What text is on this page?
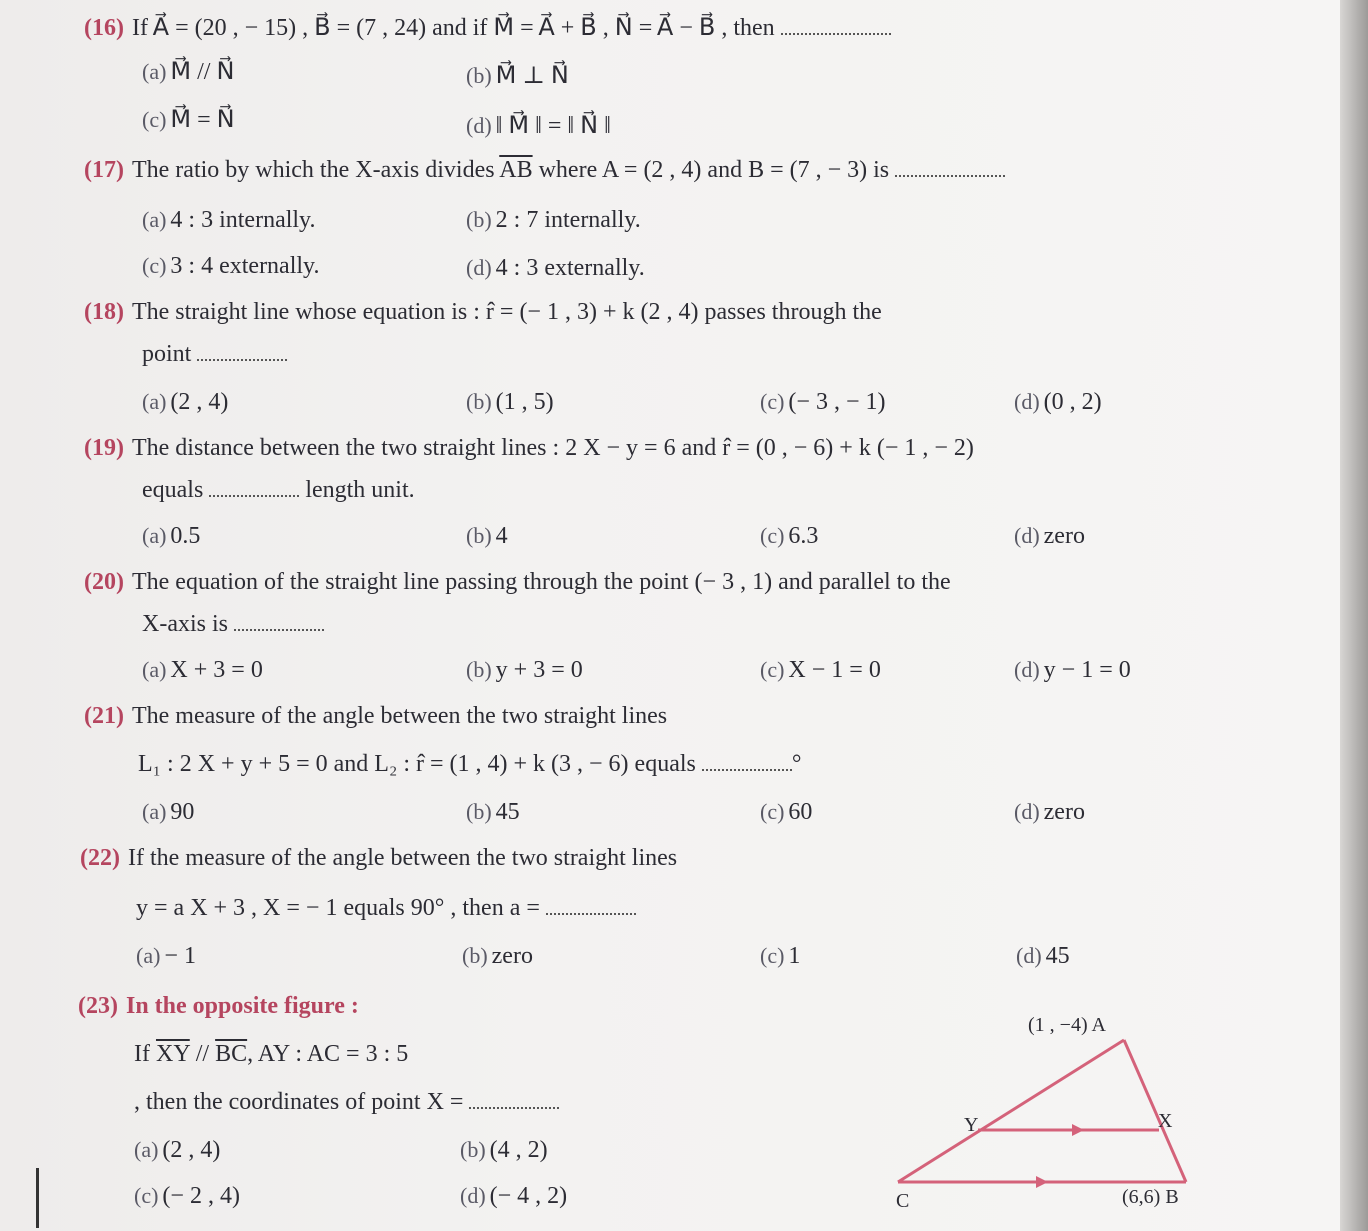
(16) If A⃗ = (20 , − 15) , B⃗ = (7 , 24) and if M⃗ = A⃗ + B⃗ , N⃗ = A⃗ − B⃗ , then
(a) M⃗ // N⃗	(b) M⃗ ⊥ N⃗
(c) M⃗ = N⃗	(d) ‖ M⃗ ‖ = ‖ N⃗ ‖
(17) The ratio by which the X-axis divides $\overline{AB}$ where A = (2 , 4) and B = (7 , − 3) is
(a) 4 : 3 internally.	(b) 2 : 7 internally.
(c) 3 : 4 externally.	(d) 4 : 3 externally.
(18) The straight line whose equation is : r̂ = (− 1 , 3) + k (2 , 4) passes through the
point
(a) (2 , 4)	(b) (1 , 5)	(c) (− 3 , − 1)	(d) (0 , 2)
(19) The distance between the two straight lines : 2 X − y = 6 and r̂ = (0 , − 6) + k (− 1 , − 2)
equals	length unit.
(a) 0.5	(b) 4	(c) 6.3	(d) zero
(20) The equation of the straight line passing through the point (− 3 , 1) and parallel to the
X-axis is
(a) X + 3 = 0	(b) y + 3 = 0	(c) X − 1 = 0	(d) y − 1 = 0
(21) The measure of the angle between the two straight lines
L₁ : 2 X + y + 5 = 0 and L₂ : r̂ = (1 , 4) + k (3 , − 6) equals	°
(a) 90	(b) 45	(c) 60	(d) zero
(22) If the measure of the angle between the two straight lines
y = a X + 3 , X = − 1 equals 90° , then a =
(a) − 1	(b) zero	(c) 1	(d) 45
(23) In the opposite figure :
If $\overline{XY} // \overline{BC}$, AY : AC = 3 : 5
, then the coordinates of point X =
(a) (2 , 4)	(b) (4 , 2)
(c) (− 2 , 4)	(d) (− 4 , 2)
(1 , −4) A
Y	X
C	(6,6) B
